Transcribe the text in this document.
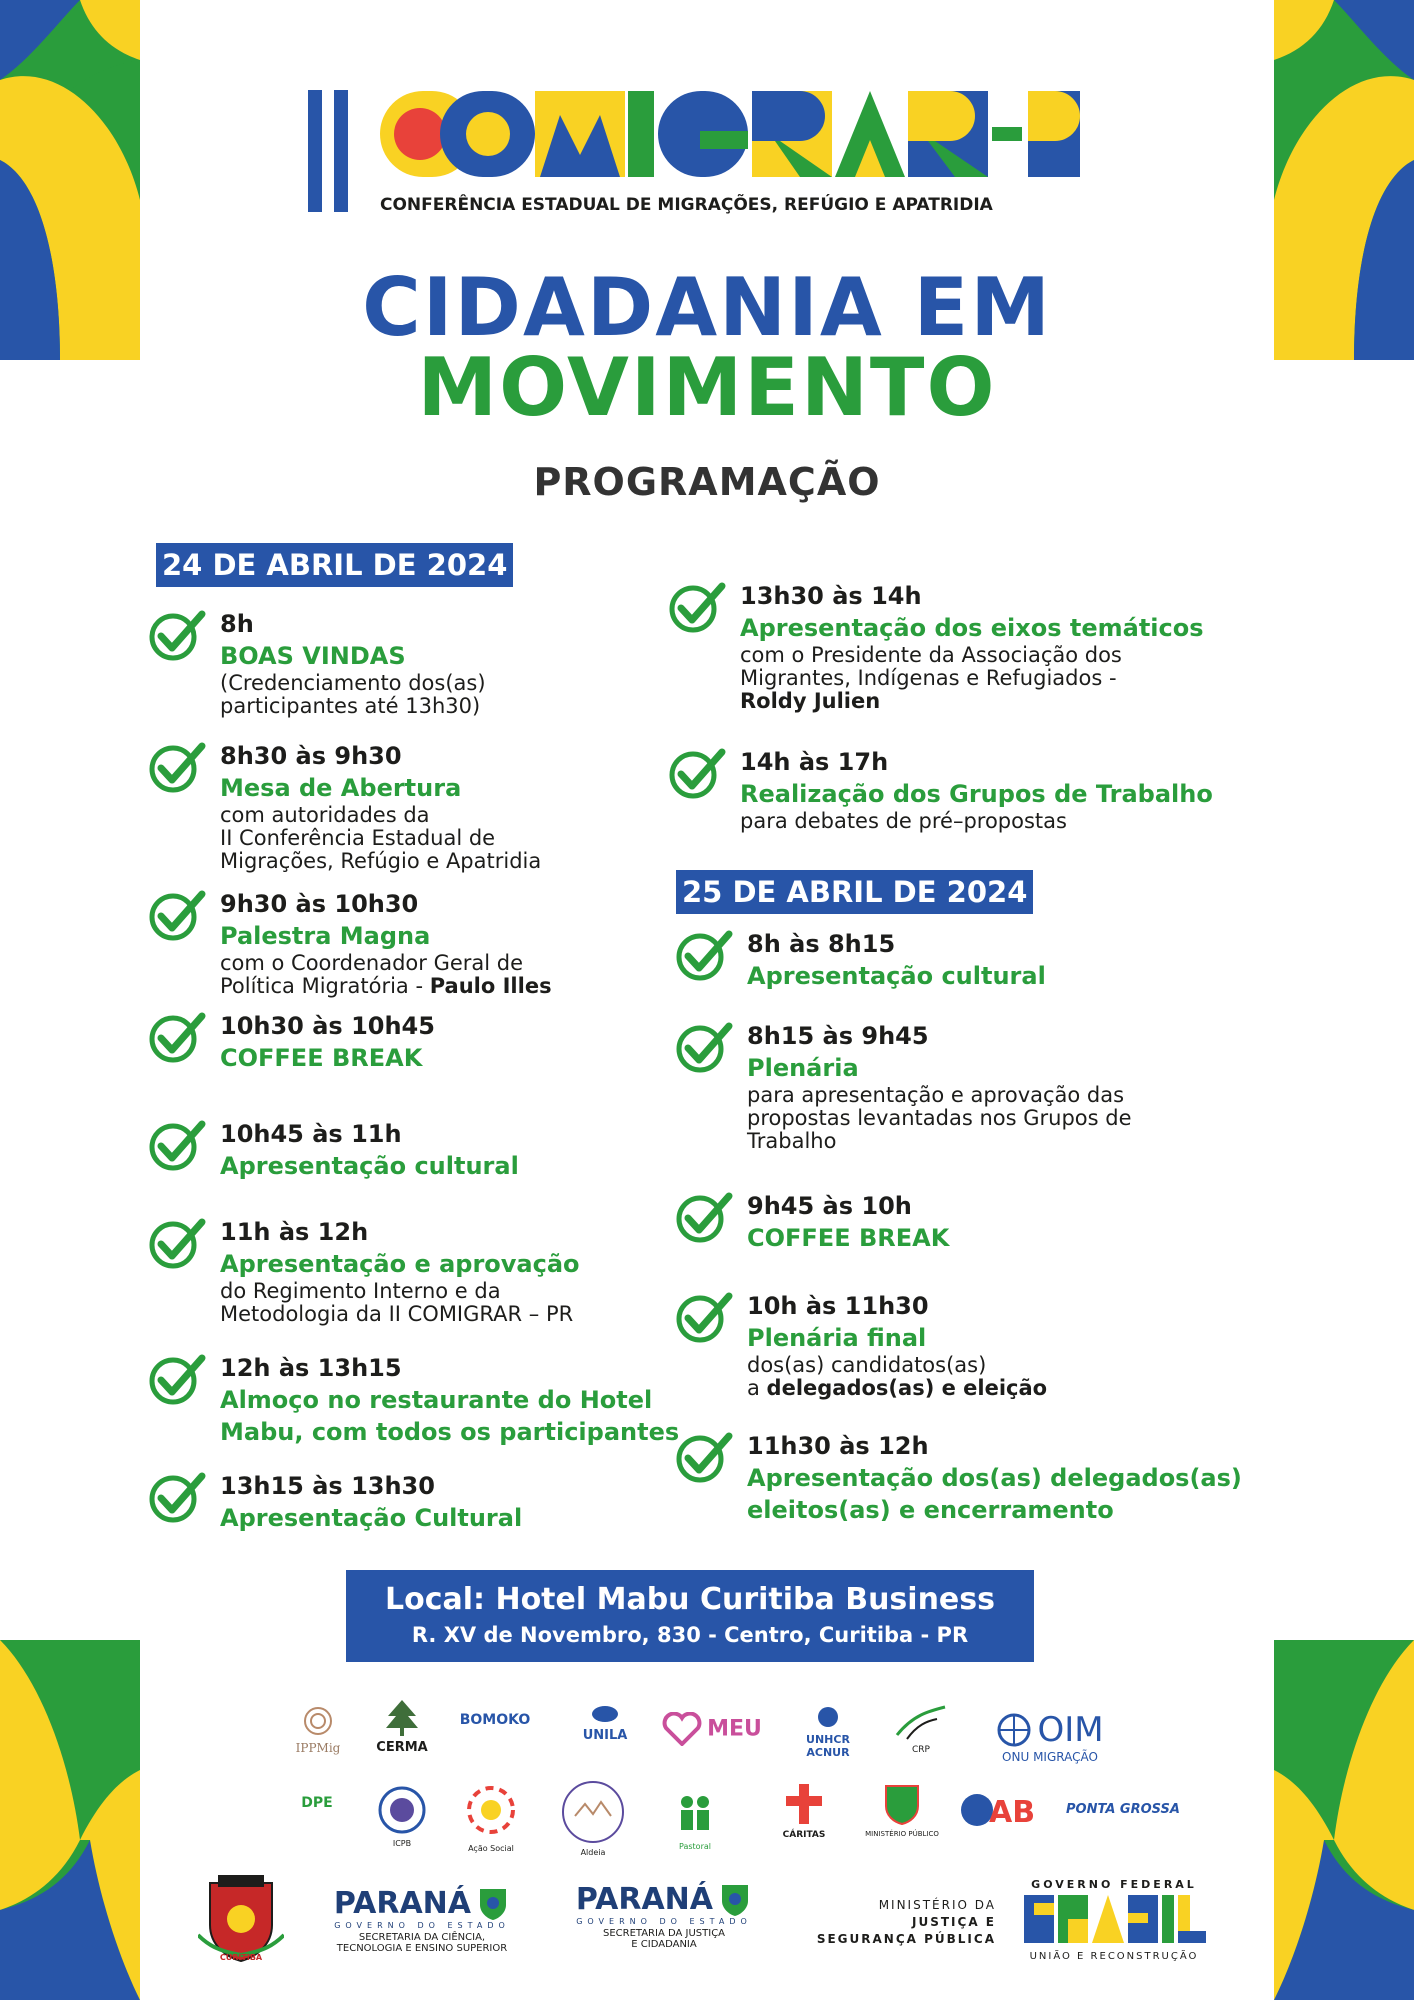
CONFERÊNCIA ESTADUAL DE MIGRAÇÕES, REFÚGIO E APATRIDIA
CIDADANIA EM
MOVIMENTO
PROGRAMAÇÃO
24 DE ABRIL DE 2024
8h
BOAS VINDAS
(Credenciamento dos(as)
participantes até 13h30)
8h30 às 9h30
Mesa de Abertura
com autoridades da
II Conferência Estadual de
Migrações, Refúgio e Apatridia
9h30 às 10h30
Palestra Magna
com o Coordenador Geral de
Política Migratória - Paulo Illes
10h30 às 10h45
COFFEE BREAK
10h45 às 11h
Apresentação cultural
11h às 12h
Apresentação e aprovação
do Regimento Interno e da
Metodologia da II COMIGRAR – PR
12h às 13h15
Almoço no restaurante do Hotel
Mabu, com todos os participantes
13h15 às 13h30
Apresentação Cultural
13h30 às 14h
Apresentação dos eixos temáticos
com o Presidente da Associação dos
Migrantes, Indígenas e Refugiados -
Roldy Julien
14h às 17h
Realização dos Grupos de Trabalho
para debates de pré–propostas
25 DE ABRIL DE 2024
8h às 8h15
Apresentação cultural
8h15 às 9h45
Plenária
para apresentação e aprovação das
propostas levantadas nos Grupos de
Trabalho
9h45 às 10h
COFFEE BREAK
10h às 11h30
Plenária final
dos(as) candidatos(as)
a delegados(as) e eleição
11h30 às 12h
Apresentação dos(as) delegados(as)
eleitos(as) e encerramento
Local: Hotel Mabu Curitiba Business
R. XV de Novembro, 830 - Centro, Curitiba - PR
IPPMig	CERMA
BOMOKO
UNILA	MEU	UNHCR ACNUR	CRP	OIM
ONU MIGRAÇÃO
DPE
ICPB
Ação Social	Aldeia
Pastoral
CÁRITAS	MINISTÉRIO PÚBLICO
AB PONTA GROSSA
CURITIBA
PARANÁ
GOVERNO DO ESTADO
SECRETARIA DA CIÊNCIA,
TECNOLOGIA E ENSINO SUPERIOR
PARANÁ
GOVERNO DO ESTADO
SECRETARIA DA JUSTIÇA
E CIDADANIA
MINISTÉRIO DA
JUSTIÇA E
SEGURANÇA PÚBLICA
GOVERNO FEDERAL
UNIÃO E RECONSTRUÇÃO
